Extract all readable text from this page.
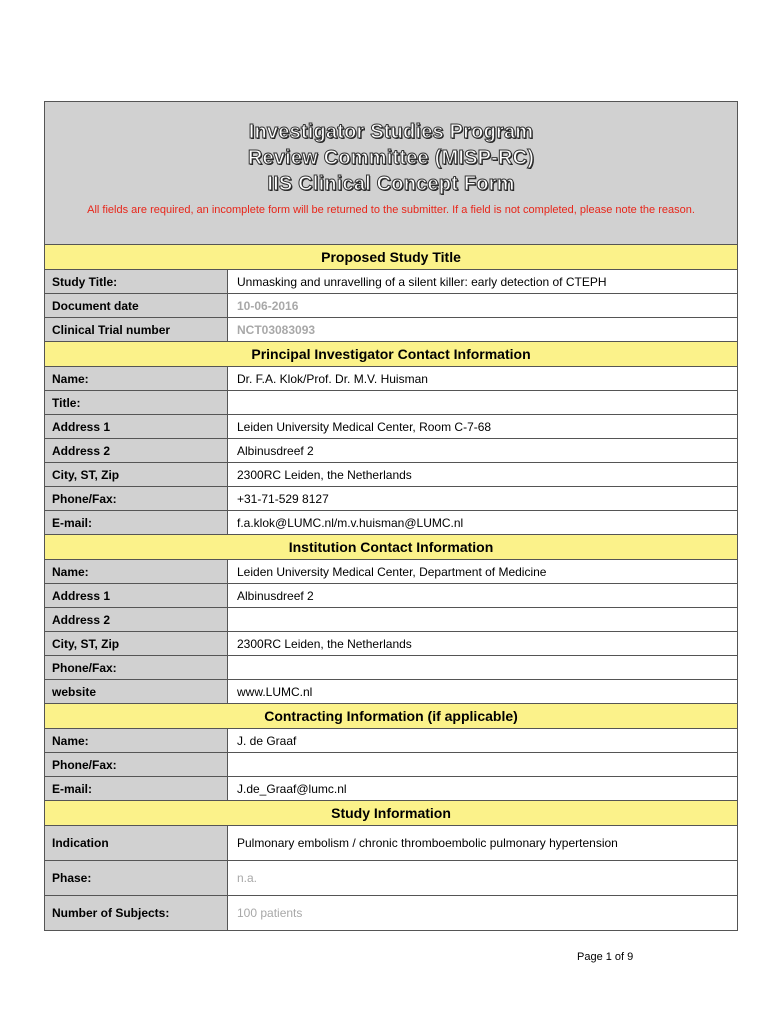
Investigator Studies Program
Review Committee (MISP-RC)
IIS Clinical Concept Form
All fields are required, an incomplete form will be returned to the submitter. If a field is not completed, please note the reason.
Proposed Study Title
Study Title:	Unmasking and unravelling of a silent killer: early detection of CTEPH
Document date	10-06-2016
Clinical Trial number	NCT03083093
Principal Investigator Contact Information
Name:	Dr. F.A. Klok/Prof. Dr. M.V. Huisman
Title:
Address 1	Leiden University Medical Center, Room C-7-68
Address 2	Albinusdreef 2
City, ST, Zip	2300RC Leiden, the Netherlands
Phone/Fax:	+31-71-529 8127
E-mail:	f.a.klok@LUMC.nl/m.v.huisman@LUMC.nl
Institution Contact Information
Name:	Leiden University Medical Center, Department of Medicine
Address 1	Albinusdreef 2
Address 2
City, ST, Zip	2300RC Leiden, the Netherlands
Phone/Fax:
website	www.LUMC.nl
Contracting Information (if applicable)
Name:	J. de Graaf
Phone/Fax:
E-mail:	J.de_Graaf@lumc.nl
Study Information
Indication	Pulmonary embolism / chronic thromboembolic pulmonary hypertension
Phase:	n.a.
Number of Subjects:	100 patients
Page 1 of 9
